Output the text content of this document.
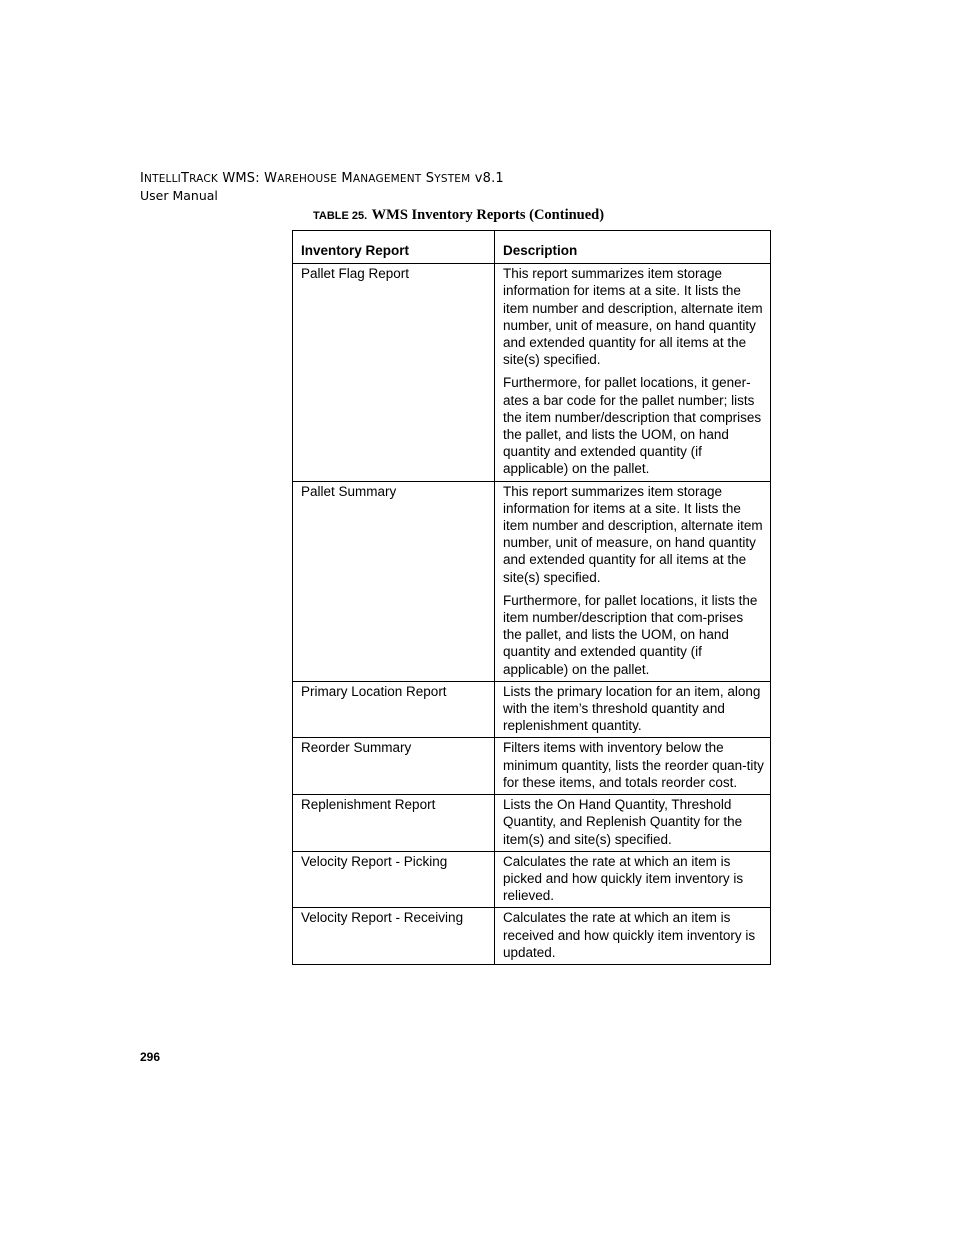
INTELLITRACK WMS: WAREHOUSE MANAGEMENT SYSTEM v8.1
User Manual
TABLE 25. WMS Inventory Reports (Continued)
Inventory Report	Description
Pallet Flag Report	This report summarizes item storage information for items at a site. It lists the item number and description, alternate item number, unit of measure, on hand quantity and extended quantity for all items at the site(s) specified.

Furthermore, for pallet locations, it gener-ates a bar code for the pallet number; lists the item number/description that comprises the pallet, and lists the UOM, on hand quantity and extended quantity (if applicable) on the pallet.

Pallet Summary	This report summarizes item storage information for items at a site. It lists the item number and description, alternate item number, unit of measure, on hand quantity and extended quantity for all items at the site(s) specified.

Furthermore, for pallet locations, it lists the item number/description that com-prises the pallet, and lists the UOM, on hand quantity and extended quantity (if applicable) on the pallet.

Primary Location Report	Lists the primary location for an item, along with the item’s threshold quantity and replenishment quantity.

Reorder Summary	Filters items with inventory below the minimum quantity, lists the reorder quan-tity for these items, and totals reorder cost.

Replenishment Report	Lists the On Hand Quantity, Threshold Quantity, and Replenish Quantity for the item(s) and site(s) specified.

Velocity Report - Picking	Calculates the rate at which an item is picked and how quickly item inventory is relieved.

Velocity Report - Receiving	Calculates the rate at which an item is received and how quickly item inventory is updated.

296
